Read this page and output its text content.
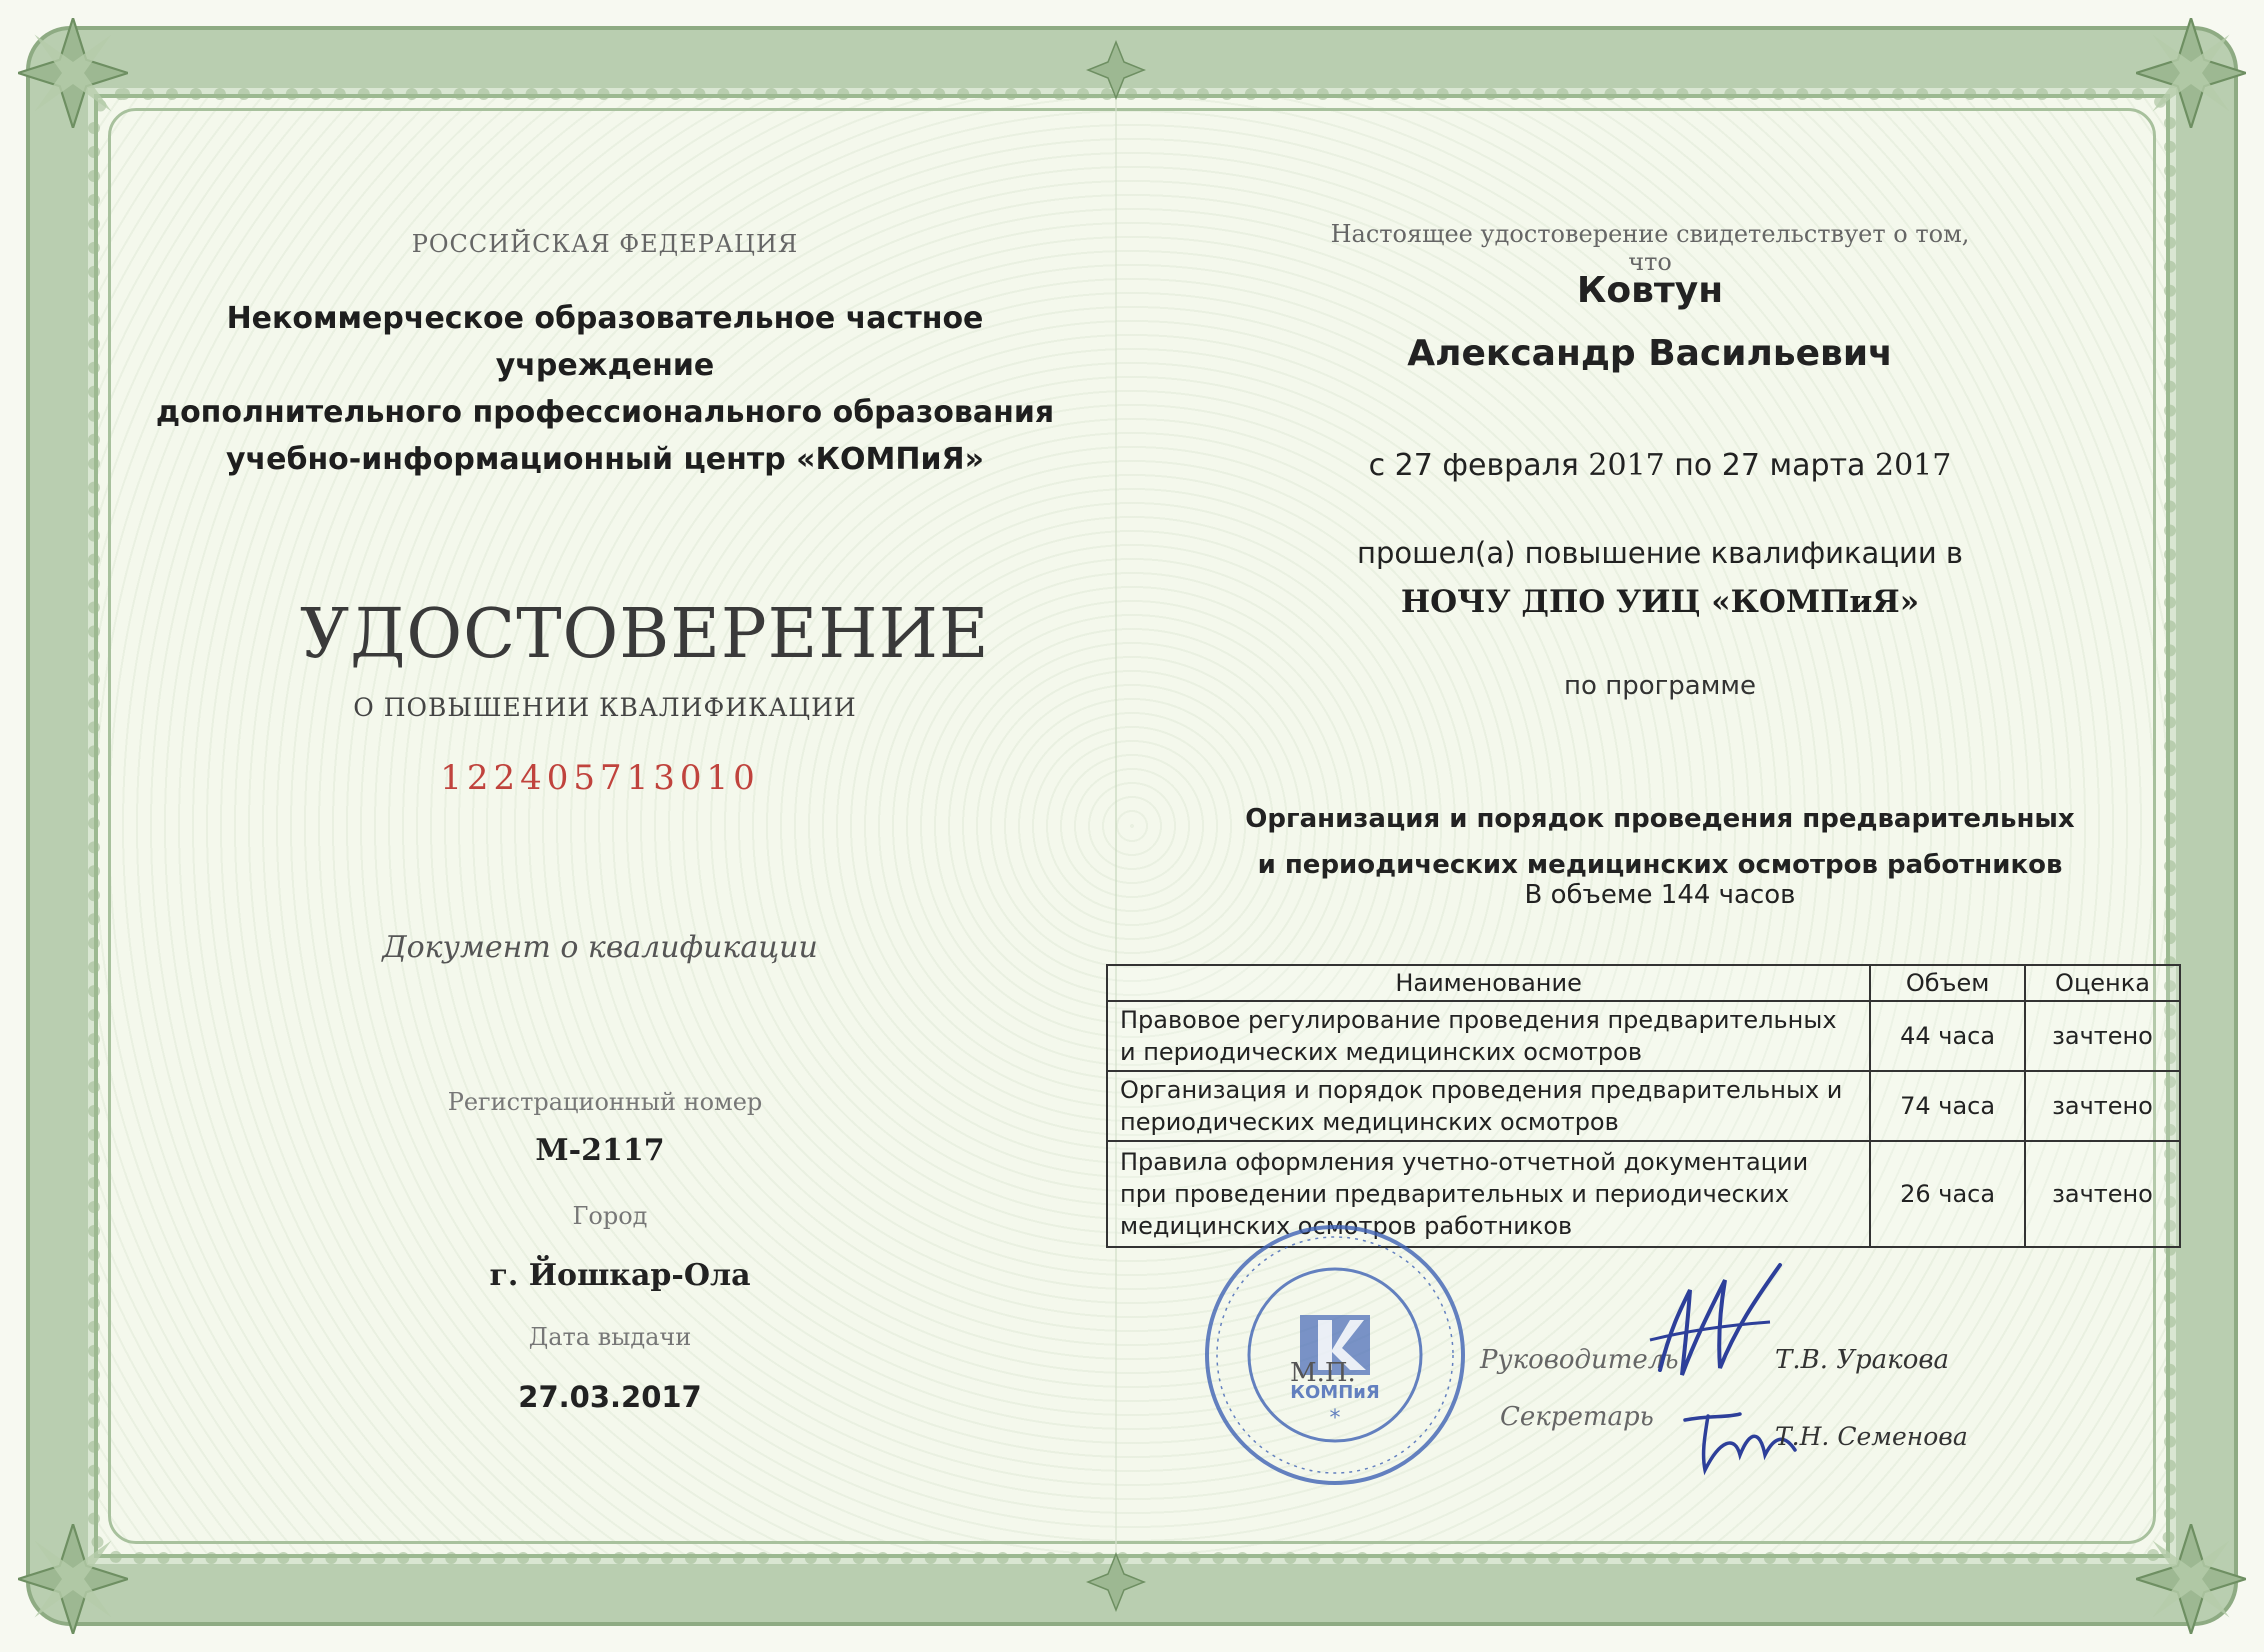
РОССИЙСКАЯ ФЕДЕРАЦИЯ
Некоммерческое образовательное частное учреждение
дополнительного профессионального образования
учебно-информационный центр «КОМПиЯ»
УДОСТОВЕРЕНИЕ
О ПОВЫШЕНИИ КВАЛИФИКАЦИИ
122405713010
Документ о квалификации
Регистрационный номер
М-2117
Город
г. Йошкар-Ола
Дата выдачи
27.03.2017
Настоящее удостоверение свидетельствует о том, что
Ковтун
Александр Васильевич
с 27 февраля 2017 по 27 марта 2017
прошел(а) повышение квалификации в
НОЧУ ДПО УИЦ «КОМПиЯ»
по программе
Организация и порядок проведения предварительных
и периодических медицинских осмотров работников
В объеме 144 часов
Наименование	Объем	Оценка
Правовое регулирование проведения предварительных и периодических медицинских осмотров	44 часа	зачтено
Организация и порядок проведения предварительных и периодических медицинских осмотров	74 часа	зачтено
Правила оформления учетно-отчетной документации при проведении предварительных и периодических медицинских осмотров работников	26 часа	зачтено
КОМПиЯ
*
М.П.	Руководитель	Т.В. Уракова
Секретарь
Т.Н. Семенова
